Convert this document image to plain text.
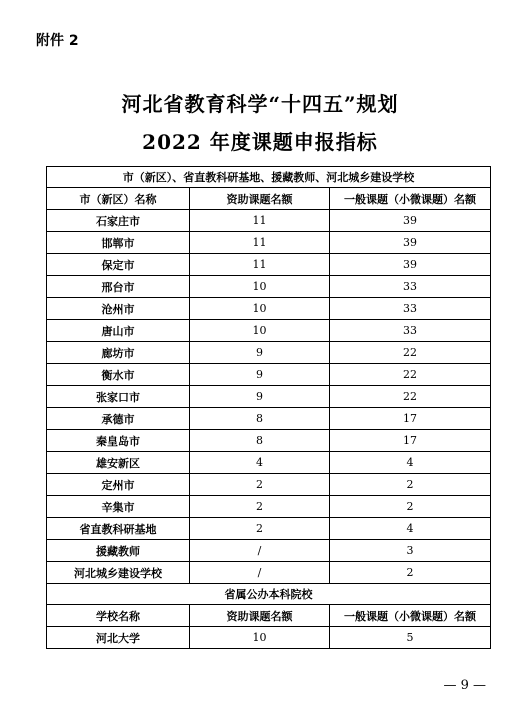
附件 2
河北省教育科学“十四五”规划
2022 年度课题申报指标
市（新区）、省直教科研基地、援藏教师、河北城乡建设学校		
市（新区）名称	资助课题名额	一般课题（小微课题）名额
石家庄市	11	39
邯郸市	11	39
保定市	11	39
邢台市	10	33
沧州市	10	33
唐山市	10	33
廊坊市	9	22
衡水市	9	22
张家口市	9	22
承德市	8	17
秦皇岛市	8	17
雄安新区	4	4
定州市	2	2
辛集市	2	2
省直教科研基地	2	4
援藏教师	/	3
河北城乡建设学校	/	2
省属公办本科院校		
学校名称	资助课题名额	一般课题（小微课题）名额
河北大学	10	5
— 9 —
